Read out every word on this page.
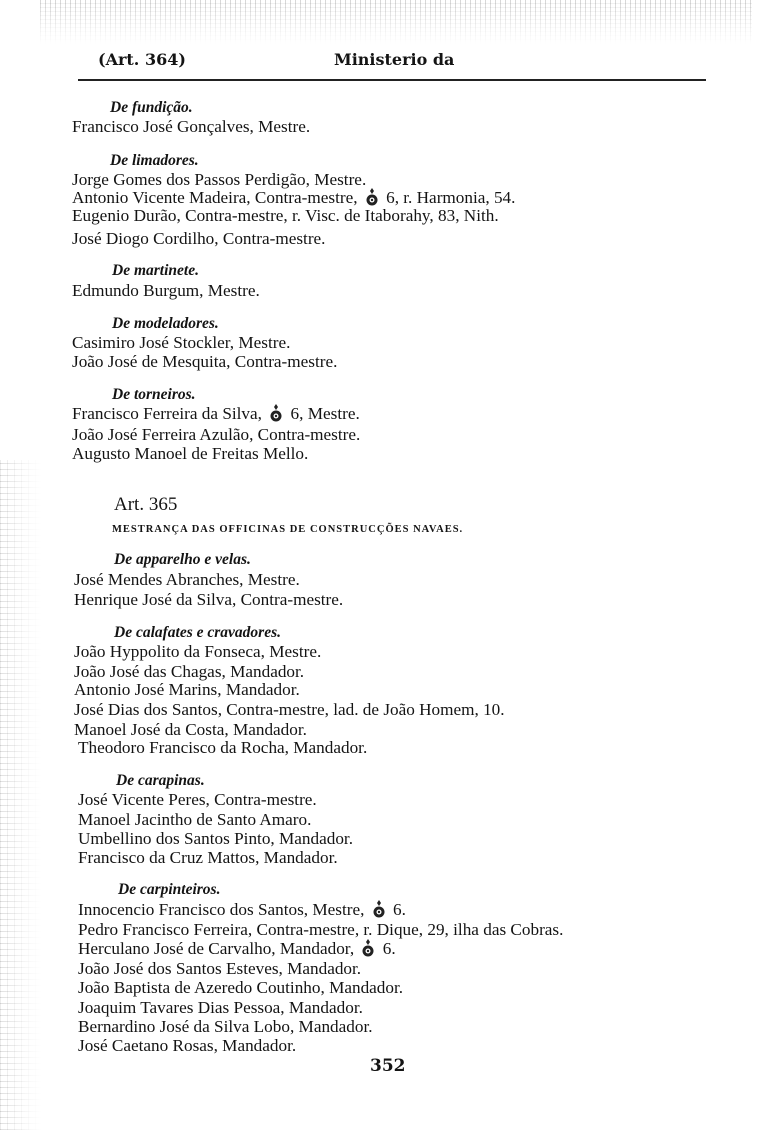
(Art. 364)	Ministerio da
De fundição.
Francisco José Gonçalves, Mestre.
De limadores.
Jorge Gomes dos Passos Perdigão, Mestre.
Antonio Vicente Madeira, Contra-mestre, 6, r. Harmonia, 54.
Eugenio Durão, Contra-mestre, r. Visc. de Itaborahy, 83, Nith.
José Diogo Cordilho, Contra-mestre.
De martinete.
Edmundo Burgum, Mestre.
De modeladores.
Casimiro José Stockler, Mestre.
João José de Mesquita, Contra-mestre.
De torneiros.
Francisco Ferreira da Silva, 6, Mestre.
João José Ferreira Azulão, Contra-mestre.
Augusto Manoel de Freitas Mello.
Art. 365
MESTRANÇA DAS OFFICINAS DE CONSTRUCÇÕES NAVAES.
De apparelho e velas.
José Mendes Abranches, Mestre.
Henrique José da Silva, Contra-mestre.
De calafates e cravadores.
João Hyppolito da Fonseca, Mestre.
João José das Chagas, Mandador.
Antonio José Marins, Mandador.
José Dias dos Santos, Contra-mestre, lad. de João Homem, 10.
Manoel José da Costa, Mandador.
Theodoro Francisco da Rocha, Mandador.
De carapinas.
José Vicente Peres, Contra-mestre.
Manoel Jacintho de Santo Amaro.
Umbellino dos Santos Pinto, Mandador.
Francisco da Cruz Mattos, Mandador.
De carpinteiros.
Innocencio Francisco dos Santos, Mestre, 6.
Pedro Francisco Ferreira, Contra-mestre, r. Dique, 29, ilha das Cobras.
Herculano José de Carvalho, Mandador, 6.
João José dos Santos Esteves, Mandador.
João Baptista de Azeredo Coutinho, Mandador.
Joaquim Tavares Dias Pessoa, Mandador.
Bernardino José da Silva Lobo, Mandador.
José Caetano Rosas, Mandador.
352
